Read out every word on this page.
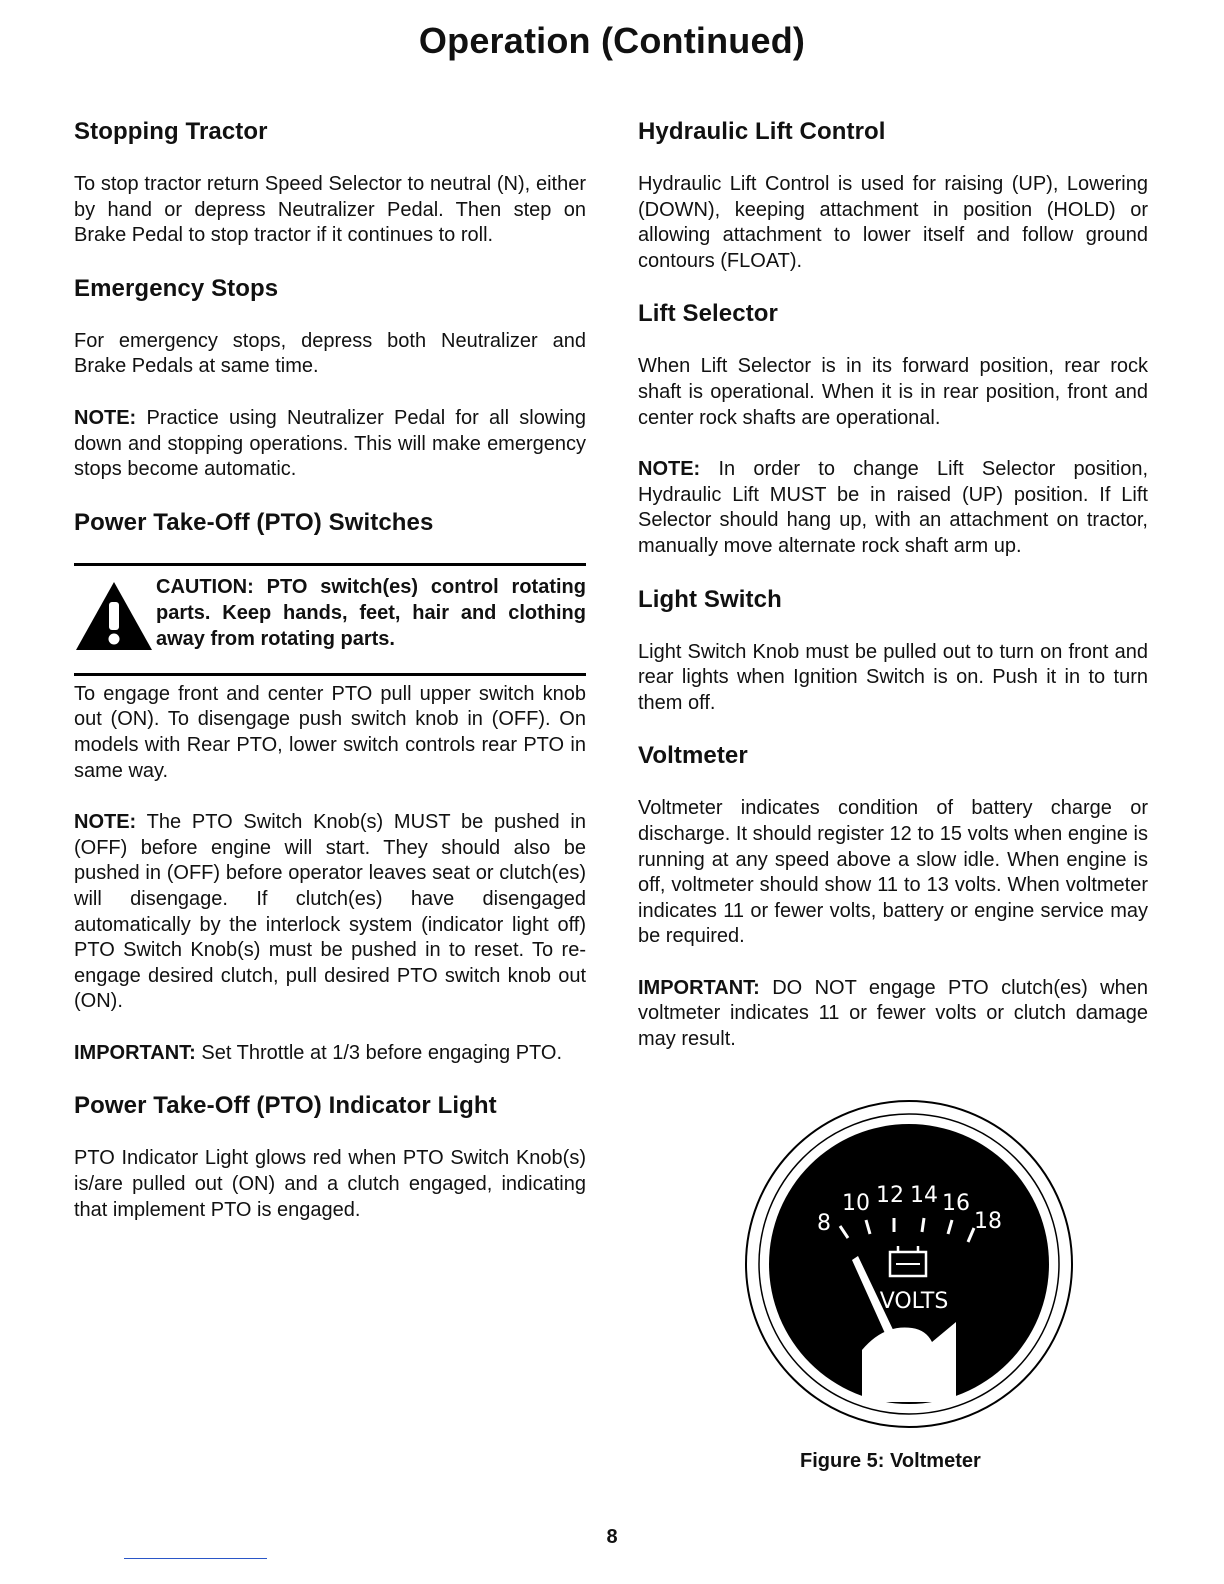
Operation (Continued)
Stopping Tractor

To stop tractor return Speed Selector to neutral (N), either by hand or depress Neutralizer Pedal. Then step on Brake Pedal to stop tractor if it continues to roll.

Emergency Stops

For emergency stops, depress both Neutralizer and Brake Pedals at same time.

NOTE: Practice using Neutralizer Pedal for all slowing down and stopping operations. This will make emergency stops become automatic.

Power Take-Off (PTO) Switches
CAUTION: PTO switch(es) control rotating parts. Keep hands, feet, hair and clothing away from rotating parts.

To engage front and center PTO pull upper switch knob out (ON). To disengage push switch knob in (OFF). On models with Rear PTO, lower switch controls rear PTO in same way.

NOTE: The PTO Switch Knob(s) MUST be pushed in (OFF) before engine will start. They should also be pushed in (OFF) before operator leaves seat or clutch(es) will disengage. If clutch(es) have disengaged automatically by the interlock system (indicator light off) PTO Switch Knob(s) must be pushed in to reset. To re-engage desired clutch, pull desired PTO switch knob out (ON).

IMPORTANT: Set Throttle at 1/3 before engaging PTO.

Power Take-Off (PTO) Indicator Light

PTO Indicator Light glows red when PTO Switch Knob(s) is/are pulled out (ON) and a clutch engaged, indicating that implement PTO is engaged.

Hydraulic Lift Control

Hydraulic Lift Control is used for raising (UP), Lowering (DOWN), keeping attachment in position (HOLD) or allowing attachment to lower itself and follow ground contours (FLOAT).

Lift Selector

When Lift Selector is in its forward position, rear rock shaft is operational. When it is in rear position, front and center rock shafts are operational.

NOTE: In order to change Lift Selector position, Hydraulic Lift MUST be in raised (UP) position. If Lift Selector should hang up, with an attachment on tractor, manually move alternate rock shaft arm up.

Light Switch

Light Switch Knob must be pulled out to turn on front and rear lights when Ignition Switch is on. Push it in to turn them off.

Voltmeter

Voltmeter indicates condition of battery charge or discharge. It should register 12 to 15 volts when engine is running at any speed above a slow idle. When engine is off, voltmeter should show 11 to 13 volts. When voltmeter indicates 11 or fewer volts, battery or engine service may be required.

IMPORTANT: DO NOT engage PTO clutch(es) when voltmeter indicates 11 or fewer volts or clutch damage may result.

8
10 12 14 16
18
VOLTS
Figure 5: Voltmeter
8
